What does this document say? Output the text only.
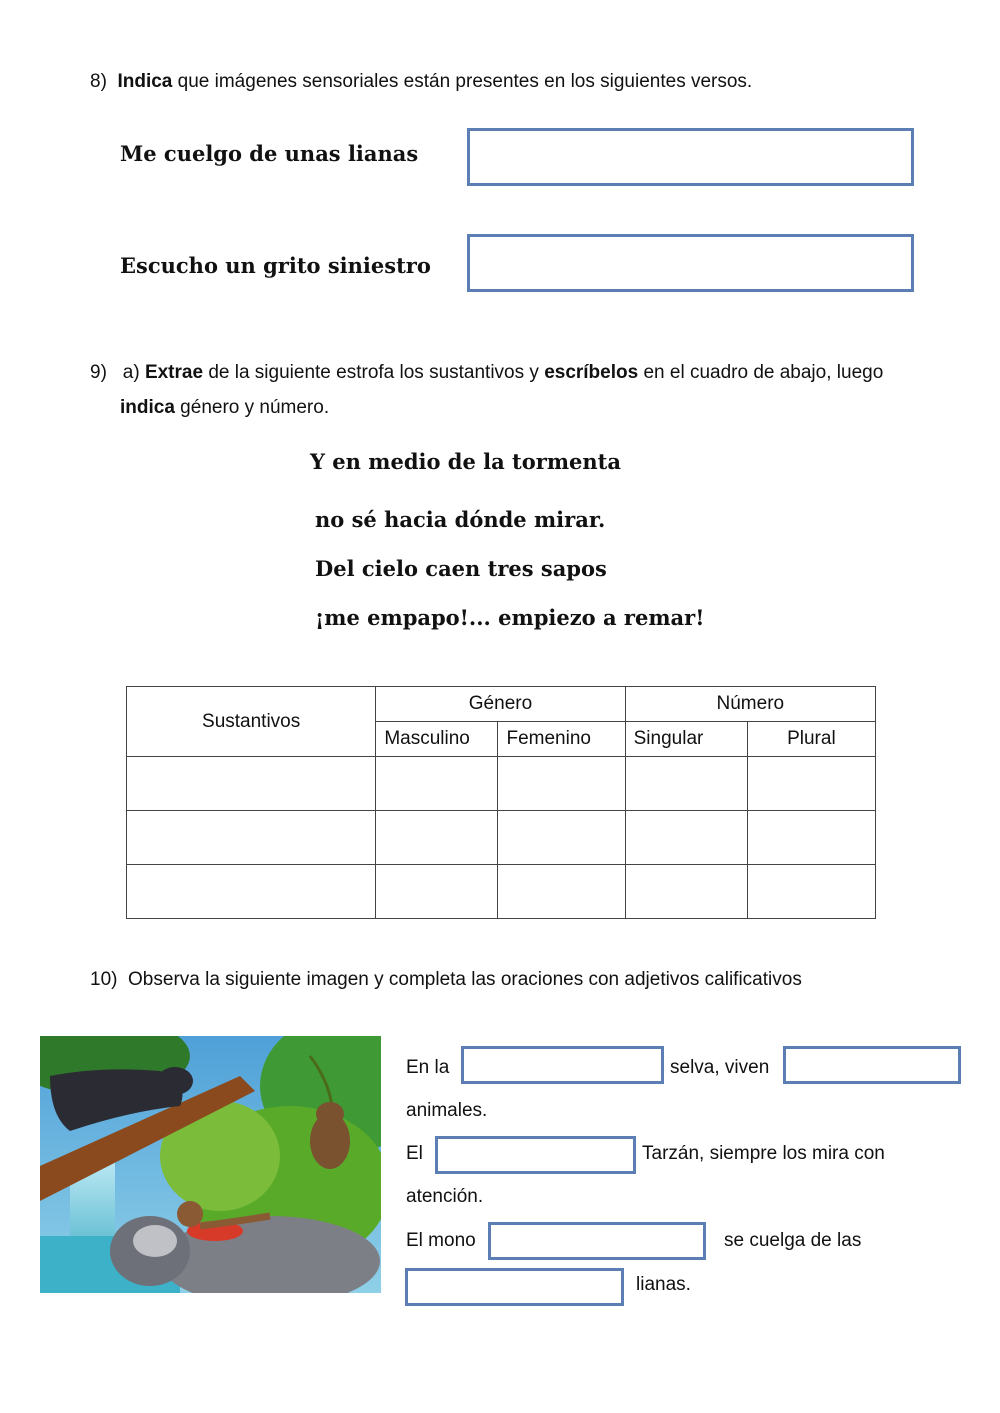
8) Indica que imágenes sensoriales están presentes en los siguientes versos.
Me cuelgo de unas lianas
Escucho un grito siniestro
9) a) Extrae de la siguiente estrofa los sustantivos y escríbelos en el cuadro de abajo, luego
indica género y número.
Y en medio de la tormenta
no sé hacia dónde mirar.
Del cielo caen tres sapos
¡me empapo!... empiezo a remar!
Sustantivos	Género		Número	
	Masculino	Femenino	Singular	Plural

10) Observa la siguiente imagen y completa las oraciones con adjetivos calificativos
En la	selva, viven
animales.
El	Tarzán, siempre los mira con
atención.
El mono	se cuelga de las
lianas.
